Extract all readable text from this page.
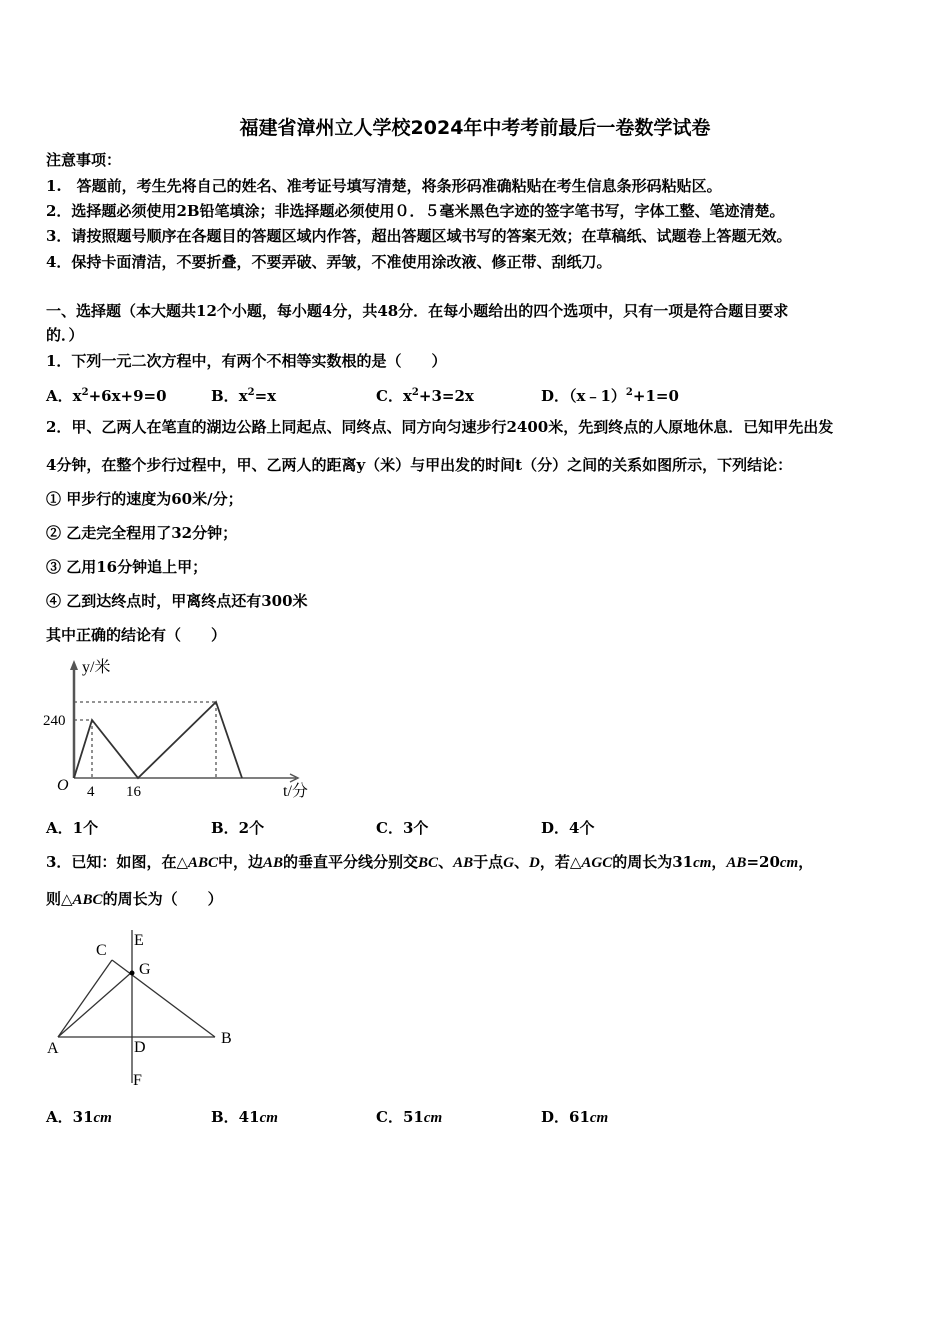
福建省漳州立人学校2024年中考考前最后一卷数学试卷
注意事项：
1.　答题前，考生先将自己的姓名、准考证号填写清楚，将条形码准确粘贴在考生信息条形码粘贴区。
2．选择题必须使用2B铅笔填涂；非选择题必须使用０．５毫米黑色字迹的签字笔书写，字体工整、笔迹清楚。
3．请按照题号顺序在各题目的答题区域内作答，超出答题区域书写的答案无效；在草稿纸、试题卷上答题无效。
4．保持卡面清洁，不要折叠，不要弄破、弄皱，不准使用涂改液、修正带、刮纸刀。
一、选择题（本大题共12个小题，每小题4分，共48分．在每小题给出的四个选项中，只有一项是符合题目要求
的．）
1．下列一元二次方程中，有两个不相等实数根的是（　　）
A．$x^2+6x+9=0$	B．$x^2=x$	C．$x^2+3=2x$	D．（x﹣1）$^2$+1=0
2．甲、乙两人在笔直的湖边公路上同起点、同终点、同方向匀速步行2400米，先到终点的人原地休息．已知甲先出发
4分钟，在整个步行过程中，甲、乙两人的距离y（米）与甲出发的时间t（分）之间的关系如图所示，下列结论：
① 甲步行的速度为60米/分；
② 乙走完全程用了32分钟；
③ 乙用16分钟追上甲；
④ 乙到达终点时，甲离终点还有300米
其中正确的结论有（　　）
y/米
240
O 4 16	t/分
A．1个	B．2个	C．3个	D．4个
3．已知：如图，在△ABC中，边AB的垂直平分线分别交BC、AB于点G、D，若△AGC的周长为31cm，AB=20cm，
则△ABC的周长为（　　）
C
E
G
A	D
B
F
A．31cm	B．41cm	C．51cm	D．61cm
